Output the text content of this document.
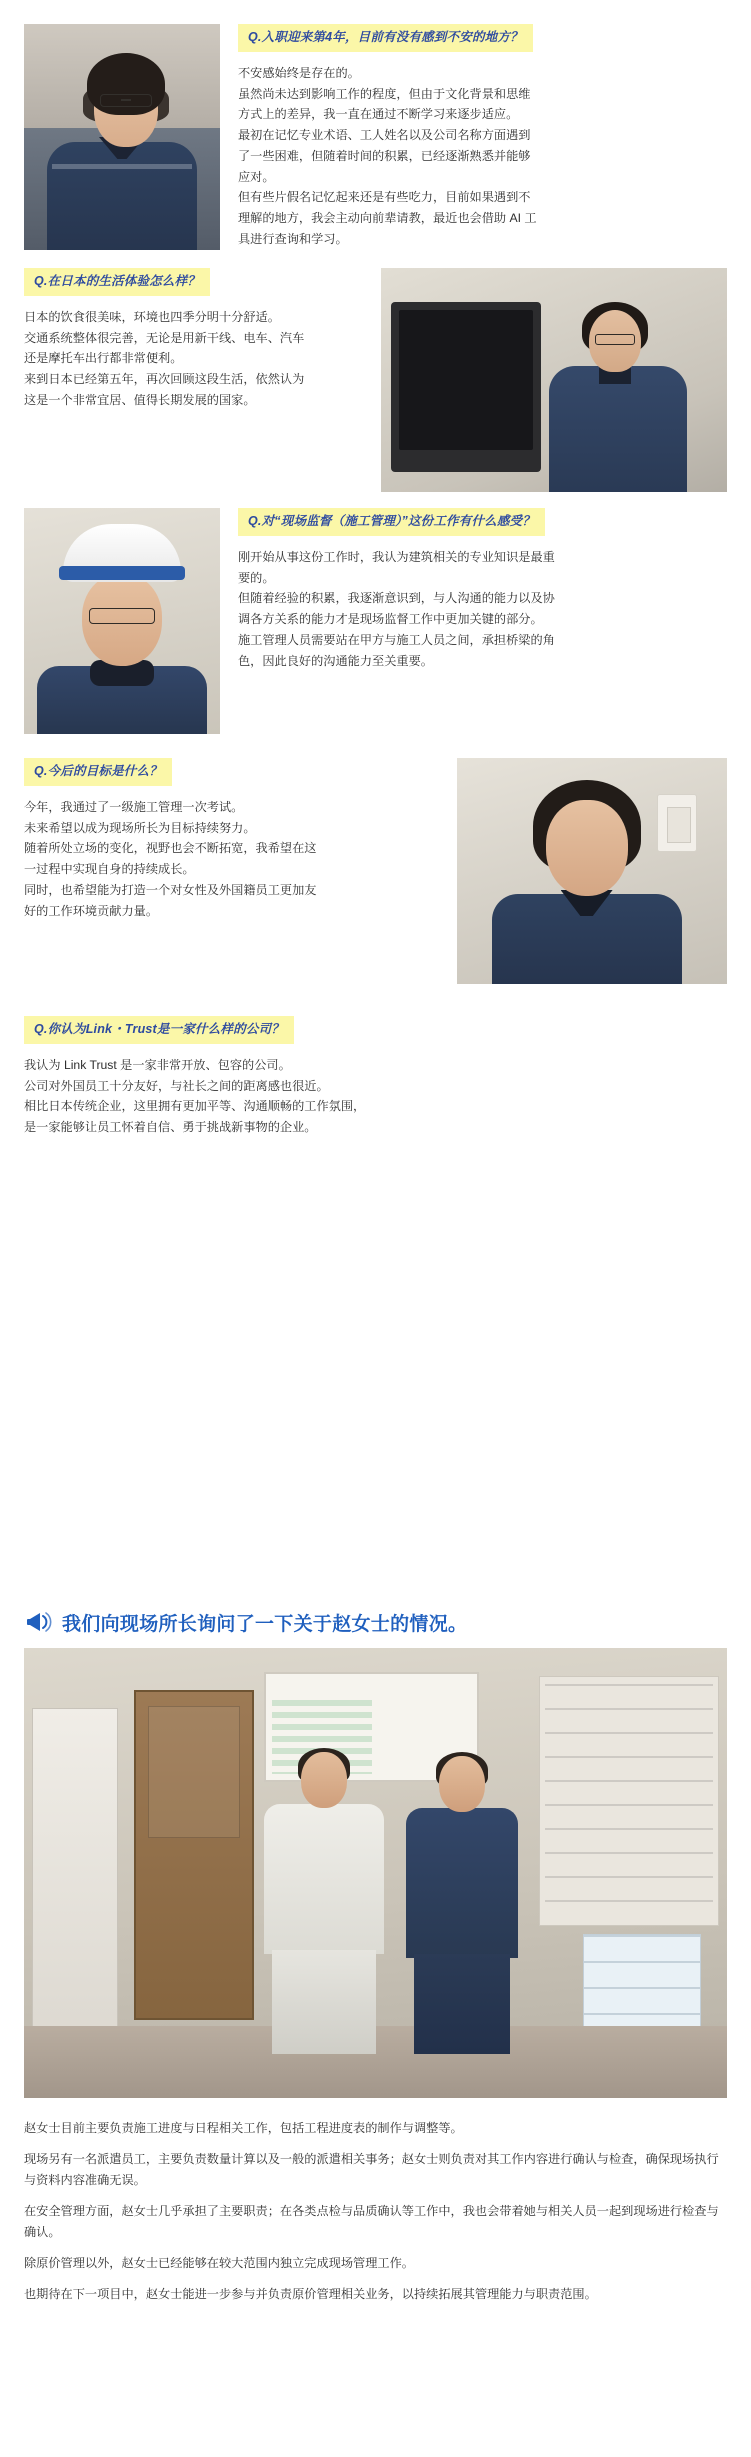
Q.入职迎来第4年，目前有没有感到不安的地方？

不安感始终是存在的。

虽然尚未达到影响工作的程度，但由于文化背景和思维

方式上的差异，我一直在通过不断学习来逐步适应。

最初在记忆专业术语、工人姓名以及公司名称方面遇到

了一些困难，但随着时间的积累，已经逐渐熟悉并能够

应对。

但有些片假名记忆起来还是有些吃力，目前如果遇到不

理解的地方，我会主动向前辈请教，最近也会借助 AI 工

具进行查询和学习。

Q.在日本的生活体验怎么样？

日本的饮食很美味，环境也四季分明十分舒适。

交通系统整体很完善，无论是用新干线、电车、汽车

还是摩托车出行都非常便利。

来到日本已经第五年，再次回顾这段生活，依然认为

这是一个非常宜居、值得长期发展的国家。

Q.对“现场监督（施工管理）”这份工作有什么感受？

刚开始从事这份工作时，我认为建筑相关的专业知识是最重

要的。

但随着经验的积累，我逐渐意识到，与人沟通的能力以及协

调各方关系的能力才是现场监督工作中更加关键的部分。

施工管理人员需要站在甲方与施工人员之间，承担桥梁的角

色，因此良好的沟通能力至关重要。

Q.今后的目标是什么？

今年，我通过了一级施工管理一次考试。

未来希望以成为现场所长为目标持续努力。

随着所处立场的变化，视野也会不断拓宽，我希望在这

一过程中实现自身的持续成长。

同时，也希望能为打造一个对女性及外国籍员工更加友

好的工作环境贡献力量。

Q.你认为Link・Trust是一家什么样的公司？

我认为 Link Trust 是一家非常开放、包容的公司。

公司对外国员工十分友好，与社长之间的距离感也很近。

相比日本传统企业，这里拥有更加平等、沟通顺畅的工作氛围，

是一家能够让员工怀着自信、勇于挑战新事物的企业。

我们向现场所长询问了一下关于赵女士的情况。

赵女士目前主要负责施工进度与日程相关工作，包括工程进度表的制作与调整等。

现场另有一名派遣员工，主要负责数量计算以及一般的派遣相关事务；赵女士则负责对其工作内容进行确认与检查，确保现场执行与资料内容准确无误。

在安全管理方面，赵女士几乎承担了主要职责；在各类点检与品质确认等工作中，我也会带着她与相关人员一起到现场进行检查与确认。

除原价管理以外，赵女士已经能够在较大范围内独立完成现场管理工作。

也期待在下一项目中，赵女士能进一步参与并负责原价管理相关业务，以持续拓展其管理能力与职责范围。
